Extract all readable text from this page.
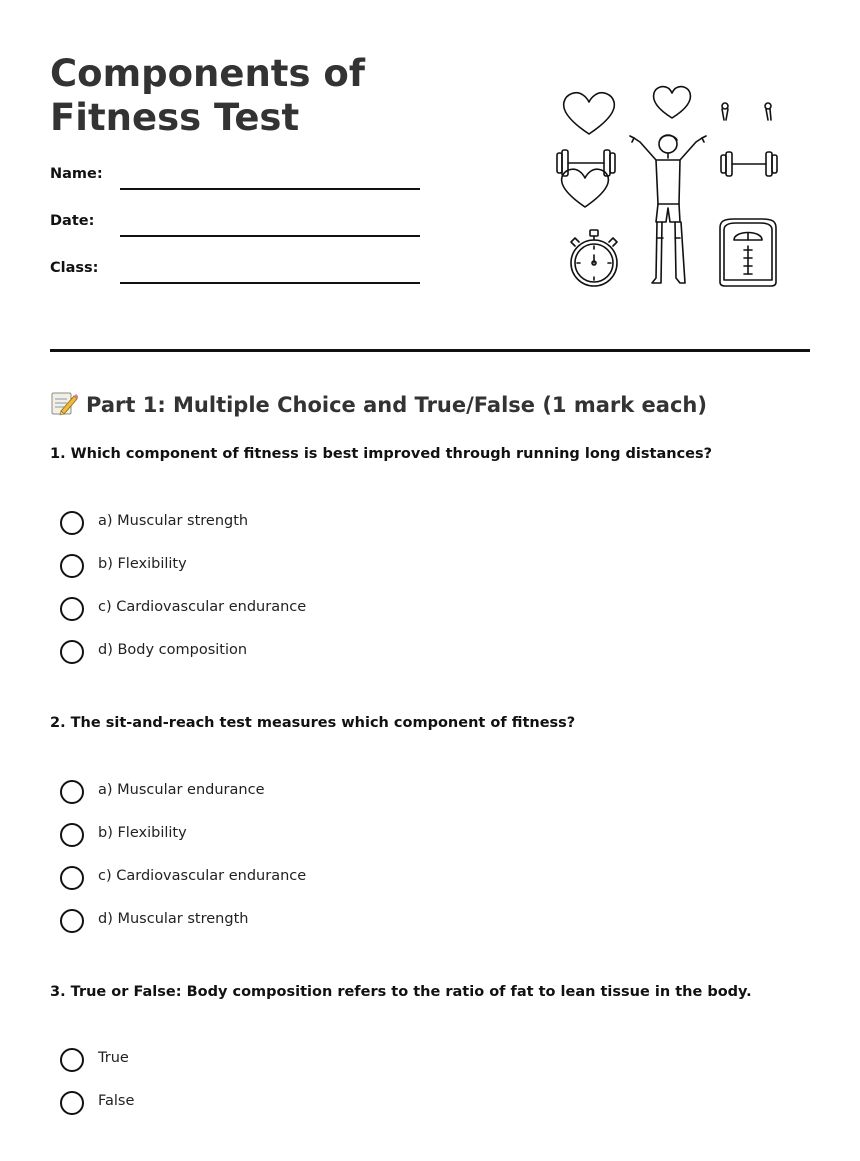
Components of Fitness Test
Name:
Date:
Class:
Part 1: Multiple Choice and True/False (1 mark each)

1. Which component of fitness is best improved through running long distances?

a) Muscular strength
b) Flexibility
c) Cardiovascular endurance
d) Body composition

2. The sit-and-reach test measures which component of fitness?

a) Muscular endurance
b) Flexibility
c) Cardiovascular endurance
d) Muscular strength

3. True or False: Body composition refers to the ratio of fat to lean tissue in the body.

True
False
